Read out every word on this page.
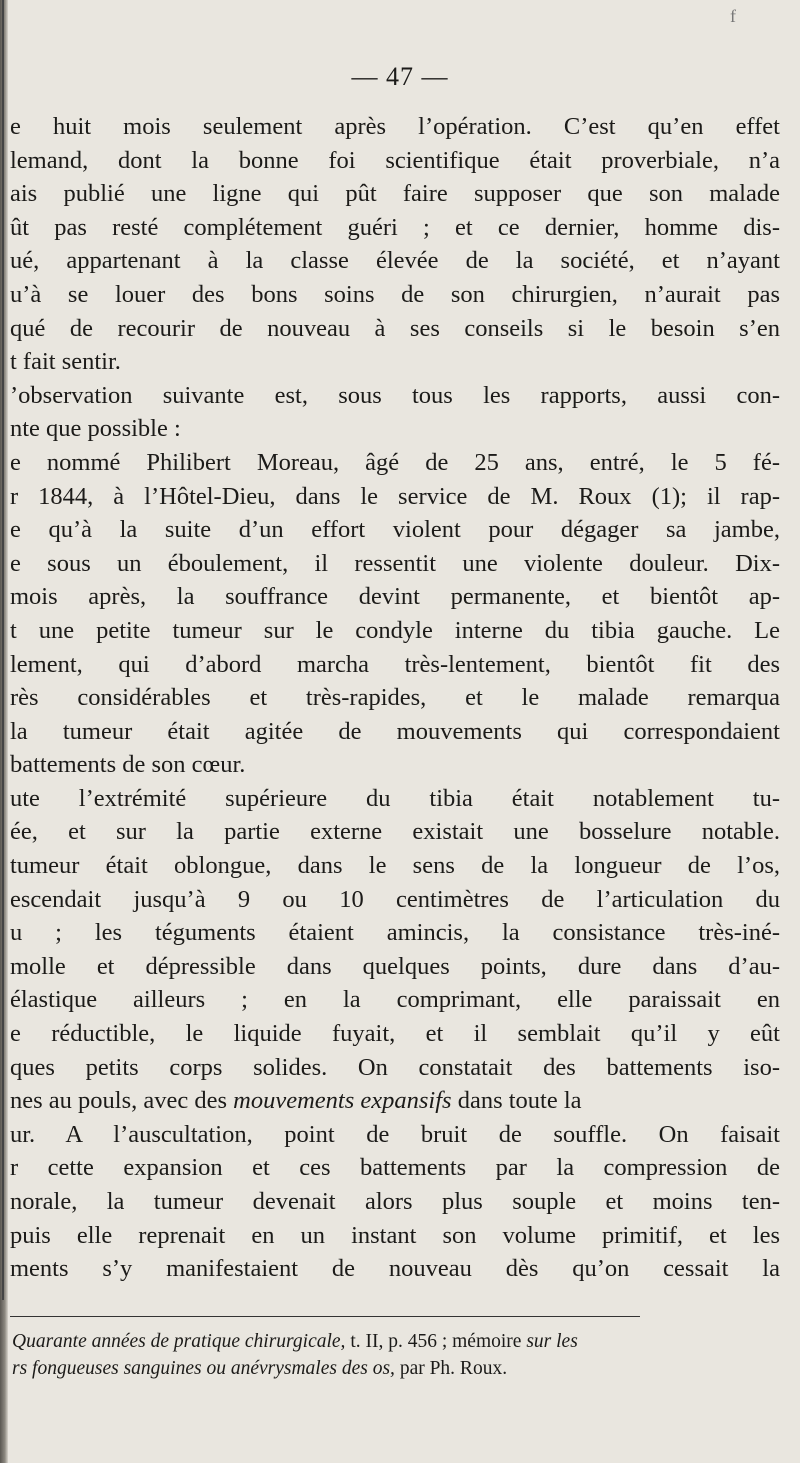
f
— 47 —
e huit mois seulement après l’opération. C’est qu’en effet
lemand, dont la bonne foi scientifique était proverbiale, n’a
ais publié une ligne qui pût faire supposer que son malade
ût pas resté complétement guéri ; et ce dernier, homme dis-
ué, appartenant à la classe élevée de la société, et n’ayant
u’à se louer des bons soins de son chirurgien, n’aurait pas
qué de recourir de nouveau à ses conseils si le besoin s’en
t fait sentir.
’observation suivante est, sous tous les rapports, aussi con-
nte que possible :
e nommé Philibert Moreau, âgé de 25 ans, entré, le 5 fé-
r 1844, à l’Hôtel-Dieu, dans le service de M. Roux (1); il rap-
e qu’à la suite d’un effort violent pour dégager sa jambe,
e sous un éboulement, il ressentit une violente douleur. Dix-
mois après, la souffrance devint permanente, et bientôt ap-
t une petite tumeur sur le condyle interne du tibia gauche. Le
lement, qui d’abord marcha très-lentement, bientôt fit des
rès considérables et très-rapides, et le malade remarqua
la tumeur était agitée de mouvements qui correspondaient
battements de son cœur.
ute l’extrémité supérieure du tibia était notablement tu-
ée, et sur la partie externe existait une bosselure notable.
tumeur était oblongue, dans le sens de la longueur de l’os,
escendait jusqu’à 9 ou 10 centimètres de l’articulation du
u ; les téguments étaient amincis, la consistance très-iné-
molle et dépressible dans quelques points, dure dans d’au-
élastique ailleurs ; en la comprimant, elle paraissait en
e réductible, le liquide fuyait, et il semblait qu’il y eût
ques petits corps solides. On constatait des battements iso-
nes au pouls, avec des mouvements expansifs dans toute la
ur. A l’auscultation, point de bruit de souffle. On faisait
r cette expansion et ces battements par la compression de
norale, la tumeur devenait alors plus souple et moins ten-
puis elle reprenait en un instant son volume primitif, et les
ments s’y manifestaient de nouveau dès qu’on cessait la
Quarante années de pratique chirurgicale, t. II, p. 456 ; mémoire sur les
rs fongueuses sanguines ou anévrysmales des os, par Ph. Roux.
